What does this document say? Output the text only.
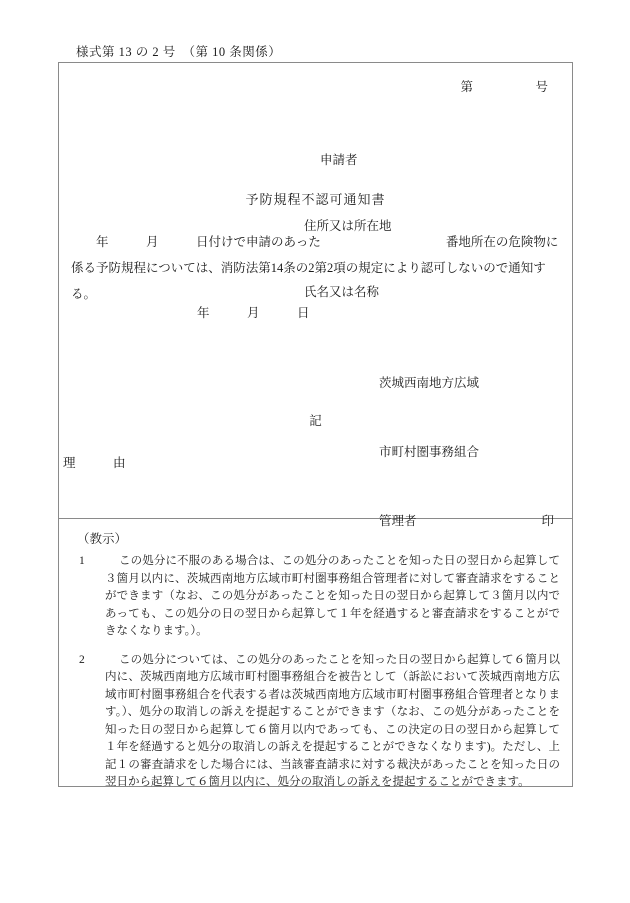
様式第 13 の 2 号　（第 10 条関係）
第　　　　　号

申請者

住所又は所在地

氏名又は名称

予防規程不認可通知書
　　年　　　月　　　日付けで申請のあった　　　　　　　　　　番地所在の危険物に係る予防規程については、消防法第14条の2第2項の規定により認可しないので通知する。
年　　　月　　　日

茨城西南地方広域

市町村圏事務組合

管理者　　　　　　　　　　印

記
理　　　由
（教示）
1	この処分に不服のある場合は、この処分のあったことを知った日の翌日から起算して３箇月以内に、茨城西南地方広域市町村圏事務組合管理者に対して審査請求をすることができます（なお、この処分があったことを知った日の翌日から起算して３箇月以内であっても、この処分の日の翌日から起算して１年を経過すると審査請求をすることができなくなります。）。
2	この処分については、この処分のあったことを知った日の翌日から起算して６箇月以内に、茨城西南地方広域市町村圏事務組合を被告として（訴訟において茨城西南地方広域市町村圏事務組合を代表する者は茨城西南地方広域市町村圏事務組合管理者となります。）、処分の取消しの訴えを提起することができます（なお、この処分があったことを知った日の翌日から起算して６箇月以内であっても、この決定の日の翌日から起算して１年を経過すると処分の取消しの訴えを提起することができなくなります)。ただし、上記１の審査請求をした場合には、当該審査請求に対する裁決があったことを知った日の翌日から起算して６箇月以内に、処分の取消しの訴えを提起することができます。
